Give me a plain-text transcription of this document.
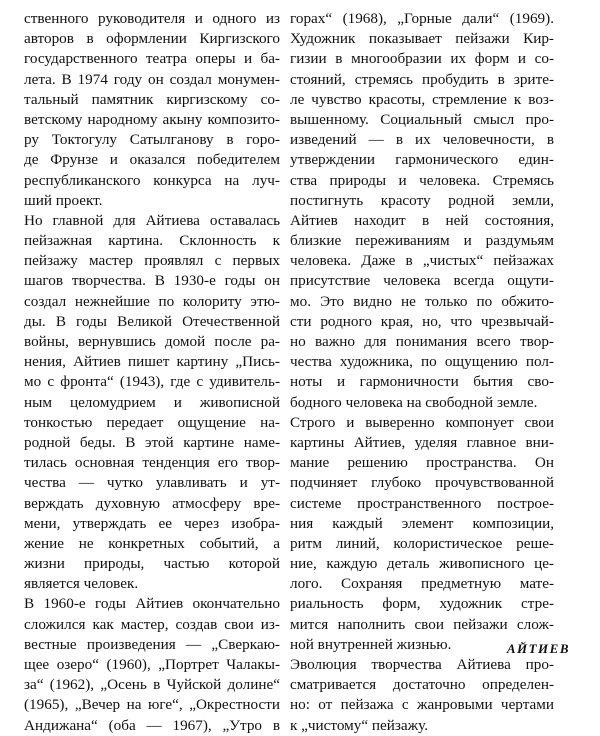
ственного руководителя и одного из
авторов в оформлении Киргизского
государственного театра оперы и ба-
лета. В 1974 году он создал монумен-
тальный памятник киргизскому со-
ветскому народному акыну композито-
ру Токтогулу Сатылганову в горо-
де Фрунзе и оказался победителем
республиканского конкурса на луч-
ший проект.
Но главной для Айтиева оставалась
пейзажная картина. Склонность к
пейзажу мастер проявлял с первых
шагов творчества. В 1930-е годы он
создал нежнейшие по колориту этю-
ды. В годы Великой Отечественной
войны, вернувшись домой после ра-
нения, Айтиев пишет картину „Пись-
мо с фронта“ (1943), где с удивитель-
ным целомудрием и живописной
тонкостью передает ощущение на-
родной беды. В этой картине наме-
тилась основная тенденция его твор-
чества — чутко улавливать и ут-
верждать духовную атмосферу вре-
мени, утверждать ее через изобра-
жение не конкретных событий, а
жизни природы, частью которой
является человек.
В 1960-е годы Айтиев окончательно
сложился как мастер, создав свои из-
вестные произведения — „Сверкаю-
щее озеро“ (1960), „Портрет Чалакы-
за“ (1962), „Осень в Чуйской долине“
(1965), „Вечер на юге“, „Окрестности
Андижана“ (оба — 1967), „Утро в
горах“ (1968), „Горные дали“ (1969).
Художник показывает пейзажи Кир-
гизии в многообразии их форм и со-
стояний, стремясь пробудить в зрите-
ле чувство красоты, стремление к воз-
вышенному. Социальный смысл про-
изведений — в их человечности, в
утверждении гармонического един-
ства природы и человека. Стремясь
постигнуть красоту родной земли,
Айтиев находит в ней состояния,
близкие переживаниям и раздумьям
человека. Даже в „чистых“ пейзажах
присутствие человека всегда ощути-
мо. Это видно не только по обжито-
сти родного края, но, что чрезвычай-
но важно для понимания всего твор-
чества художника, по ощущению пол-
ноты и гармоничности бытия сво-
бодного человека на свободной земле.
Строго и выверенно компонует свои
картины Айтиев, уделяя главное вни-
мание решению пространства. Он
подчиняет глубоко прочувствованной
системе пространственного построе-
ния каждый элемент композиции,
ритм линий, колористическое реше-
ние, каждую деталь живописного це-
лого. Сохраняя предметную мате-
риальность форм, художник стре-
мится наполнить свои пейзажи слож-
ной внутренней жизнью.
Эволюция творчества Айтиева про-
сматривается достаточно определен-
но: от пейзажа с жанровыми чертами
к „чистому“ пейзажу.
АЙТИЕВ
